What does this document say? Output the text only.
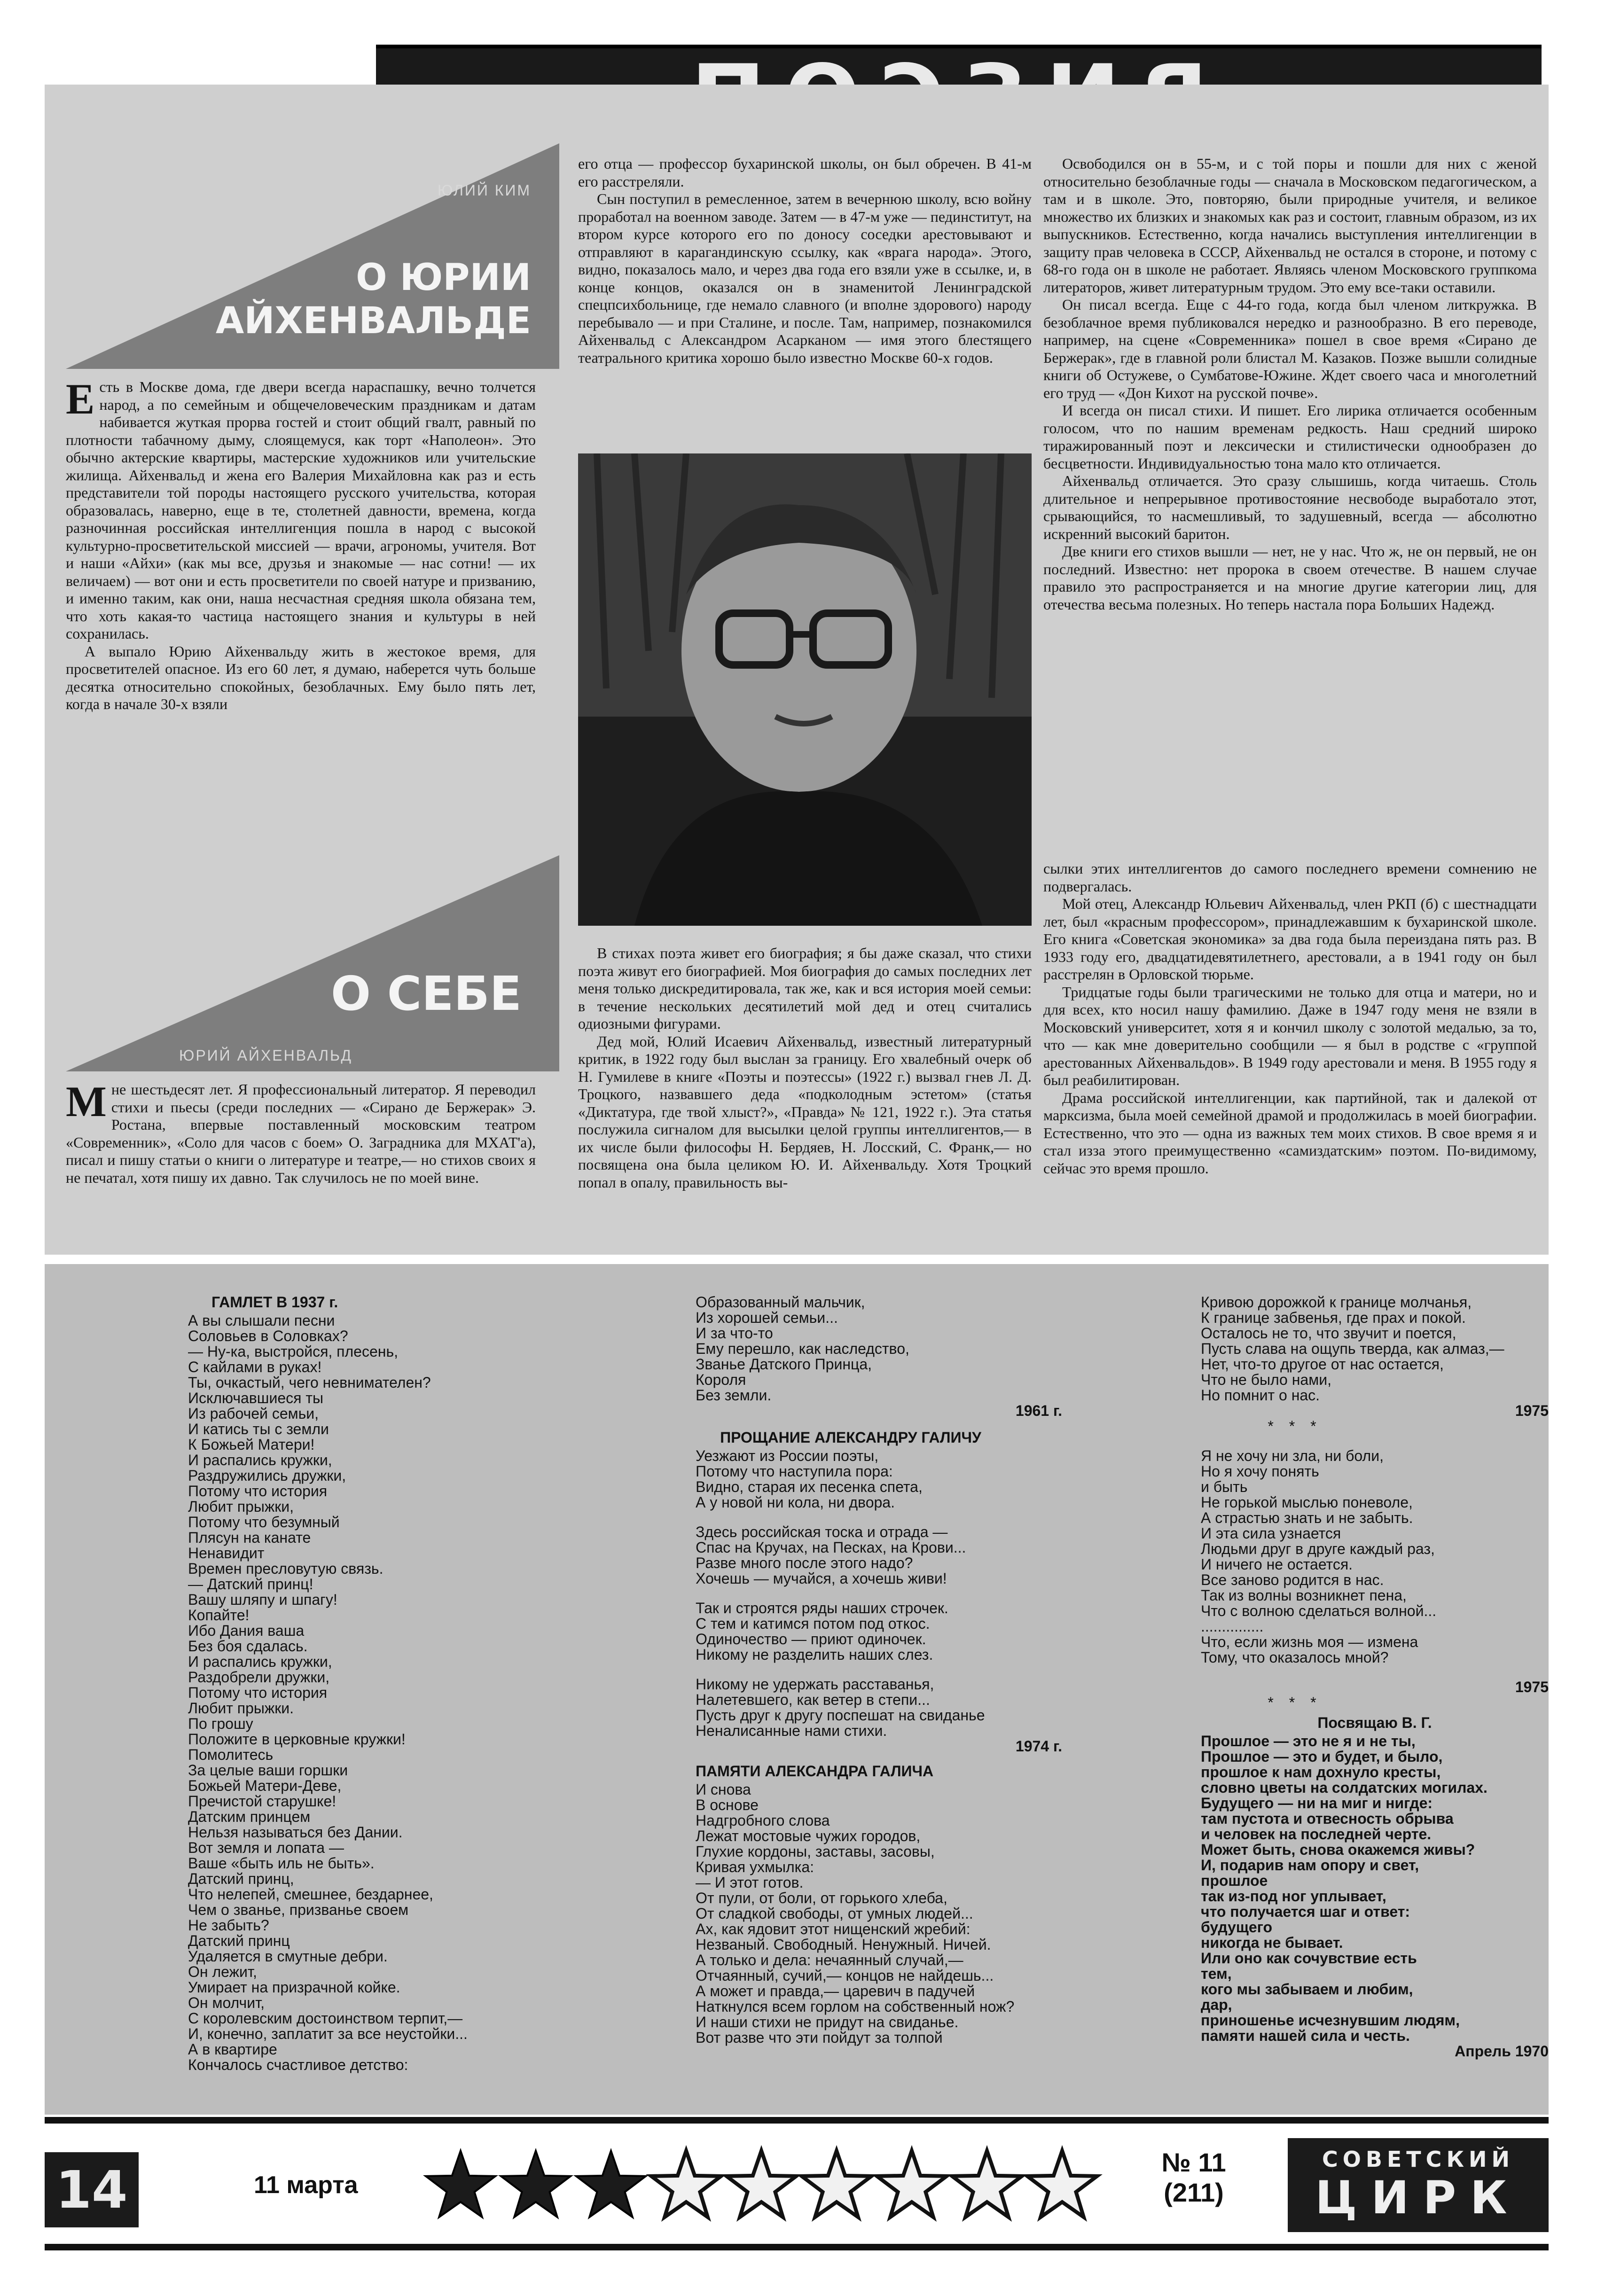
ЮЛИЙ КИМ
О ЮРИИ АЙХЕНВАЛЬДЕ
Е сть в Москве дома, где двери всегда нараспашку, вечно толчется народ, а по семейным и общечеловеческим праздникам и датам набивается жуткая прорва гостей и стоит общий гвалт, равный по плотности табачному дыму, слоящемуся, как торт «Наполеон». Это обычно актерские квартиры, мастерские художников или учительские жилища. Айхенвальд и жена его Валерия Михайловна как раз и есть представители той породы настоящего русского учительства, которая образовалась, наверно, еще в те, столетней давности, времена, когда разночинная российская интеллигенция пошла в народ с высокой культурно-просветительской миссией — врачи, агрономы, учителя. Вот и наши «Айхи» (как мы все, друзья и знакомые — нас сотни! — их величаем) — вот они и есть просветители по своей натуре и призванию, и именно таким, как они, наша несчастная средняя школа обязана тем, что хоть какая-то частица настоящего знания и культуры в ней сохранилась.

А выпало Юрию Айхенвальду жить в жестокое время, для просветителей опасное. Из его 60 лет, я думаю, наберется чуть больше десятка относительно спокойных, безоблачных. Ему было пять лет, когда в начале 30-х взяли

его отца — профессор бухаринской школы, он был обречен. В 41-м его расстреляли.

Сын поступил в ремесленное, затем в вечернюю школу, всю войну проработал на военном заводе. Затем — в 47-м уже — пединститут, на втором курсе которого его по доносу соседки арестовывают и отправляют в карагандинскую ссылку, как «врага народа». Этого, видно, показалось мало, и через два года его взяли уже в ссылке, и, в конце концов, оказался он в знаменитой Ленинградской спецпсихбольнице, где немало славного (и вполне здорового) народу перебывало — и при Сталине, и после. Там, например, познакомился Айхенвальд с Александром Асарканом — имя этого блестящего театрального критика хорошо было известно Москве 60-х годов.

Освободился он в 55-м, и с той поры и пошли для них с женой относительно безоблачные годы — сначала в Московском педагогическом, а там и в школе. Это, повторяю, были природные учителя, и великое множество их близких и знакомых как раз и состоит, главным образом, из их выпускников. Естественно, когда начались выступления интеллигенции в защиту прав человека в СССР, Айхенвальд не остался в стороне, и потому с 68-го года он в школе не работает. Являясь членом Московского группкома литераторов, живет литературным трудом. Это ему все-таки оставили.

Он писал всегда. Еще с 44-го года, когда был членом литкружка. В безоблачное время публиковался нередко и разнообразно. В его переводе, например, на сцене «Современника» пошел в свое время «Сирано де Бержерак», где в главной роли блистал М. Казаков. Позже вышли солидные книги об Остужеве, о Сумбатове-Южине. Ждет своего часа и многолетний его труд — «Дон Кихот на русской почве».

И всегда он писал стихи. И пишет. Его лирика отличается особенным голосом, что по нашим временам редкость. Наш средний широко тиражированный поэт и лексически и стилистически однообразен до бесцветности. Индивидуальностью тона мало кто отличается.

Айхенвальд отличается. Это сразу слышишь, когда читаешь. Столь длительное и непрерывное противостояние несвободе выработало этот, срывающийся, то насмешливый, то задушевный, всегда — абсолютно искренний высокий баритон.

Две книги его стихов вышли — нет, не у нас. Что ж, не он первый, не он последний. Известно: нет пророка в своем отечестве. В нашем случае правило это распространяется и на многие другие категории лиц, для отечества весьма полезных. Но теперь настала пора Больших Надежд.

О СЕБЕ
ЮРИЙ АЙХЕНВАЛЬД
М не шестьдесят лет. Я профессиональный литератор. Я переводил стихи и пьесы (среди последних — «Сирано де Бержерак» Э. Ростана, впервые поставленный московским театром «Современник», «Соло для часов с боем» О. Заградника для МХАТ'а), писал и пишу статьи о книги о литературе и театре,— но стихов своих я не печатал, хотя пишу их давно. Так случилось не по моей вине.

В стихах поэта живет его биография; я бы даже сказал, что стихи поэта живут его биографией. Моя биография до самых последних лет меня только дискредитировала, так же, как и вся история моей семьи: в течение нескольких десятилетий мой дед и отец считались одиозными фигурами.

Дед мой, Юлий Исаевич Айхенвальд, известный литературный критик, в 1922 году был выслан за границу. Его хвалебный очерк об Н. Гумилеве в книге «Поэты и поэтессы» (1922 г.) вызвал гнев Л. Д. Троцкого, назвавшего деда «подколодным эстетом» (статья «Диктатура, где твой хлыст?», «Правда» № 121, 1922 г.). Эта статья послужила сигналом для высылки целой группы интеллигентов,— в их числе были философы Н. Бердяев, Н. Лосский, С. Франк,— но посвящена она была целиком Ю. И. Айхенвальду. Хотя Троцкий попал в опалу, правильность вы-

сылки этих интеллигентов до самого последнего времени сомнению не подвергалась.

Мой отец, Александр Юльевич Айхенвальд, член РКП (б) с шестнадцати лет, был «красным профессором», принадлежавшим к бухаринской школе. Его книга «Советская экономика» за два года была переиздана пять раз. В 1933 году его, двадцатидевятилетнего, арестовали, а в 1941 году он был расстрелян в Орловской тюрьме.

Тридцатые годы были трагическими не только для отца и матери, но и для всех, кто носил нашу фамилию. Даже в 1947 году меня не взяли в Московский университет, хотя я и кончил школу с золотой медалью, за то, что — как мне доверительно сообщили — я был в родстве с «группой арестованных Айхенвальдов». В 1949 году арестовали и меня. В 1955 году я был реабилитирован.

Драма российской интеллигенции, как партийной, так и далекой от марксизма, была моей семейной драмой и продолжилась в моей биографии. Естественно, что это — одна из важных тем моих стихов. В свое время я и стал изза этого преимущественно «самиздатским» поэтом. По-видимому, сейчас это время прошло.

ГАМЛЕТ В 1937 г.
А вы слышали песни
Соловьев в Соловках?
— Ну-ка, выстройся, плесень,
С кайлами в руках!
Ты, очкастый, чего невнимателен?
Исключавшиеся ты
Из рабочей семьи,
И катись ты с земли
К Божьей Матери!
И распались кружки,
Раздружились дружки,
Потому что история
Любит прыжки,
Потому что безумный
Плясун на канате
Ненавидит
Времен пресловутую связь.
— Датский принц!
Вашу шляпу и шпагу!
Копайте!
Ибо Дания ваша
Без боя сдалась.
И распались кружки,
Раздобрели дружки,
Потому что история
Любит прыжки.
По грошу
Положите в церковные кружки!
Помолитесь
За целые ваши горшки
Божьей Матери-Деве,
Пречистой старушке!
Датским принцем
Нельзя называться без Дании.
Вот земля и лопата —
Ваше «быть иль не быть».
Датский принц,
Что нелепей, смешнее, бездарнее,
Чем о званье, призванье своем
Не забыть?
Датский принц
Удаляется в смутные дебри.
Он лежит,
Умирает на призрачной койке.
Он молчит,
С королевским достоинством терпит,—
И, конечно, заплатит за все неустойки...
А в квартире
Кончалось счастливое детство:
Образованный мальчик,
Из хорошей семьи...
И за что-то
Ему перешло, как наследство,
Званье Датского Принца,
Короля
Без земли.
1961 г.
ПРОЩАНИЕ АЛЕКСАНДРУ ГАЛИЧУ
Уезжают из России поэты,
Потому что наступила пора:
Видно, старая их песенка спета,
А у новой ни кола, ни двора.
Здесь российская тоска и отрада —
Спас на Кручах, на Песках, на Крови...
Разве много после этого надо?
Хочешь — мучайся, а хочешь живи!
Так и строятся ряды наших строчек.
С тем и катимся потом под откос.
Одиночество — приют одиночек.
Никому не разделить наших слез.
Никому не удержать расставанья,
Налетевшего, как ветер в степи...
Пусть друг к другу поспешат на свиданье
Неналисанные нами стихи.
1974 г.
ПАМЯТИ АЛЕКСАНДРА ГАЛИЧА
И снова
В основе
Надгробного слова
Лежат мостовые чужих городов,
Глухие кордоны, заставы, засовы,
Кривая ухмылка:
— И этот готов.
От пули, от боли, от горького хлеба,
От сладкой свободы, от умных людей...
Ах, как ядовит этот нищенский жребий:
Незваный. Свободный. Ненужный. Ничей.
А только и дела: нечаянный случай,—
Отчаянный, сучий,— концов не найдешь...
А может и правда,— царевич в падучей
Наткнулся всем горлом на собственный нож?
И наши стихи не придут на свиданье.
Вот разве что эти пойдут за толпой
Кривою дорожкой к границе молчанья,
К границе забвенья, где прах и покой.
Осталось не то, что звучит и поется,
Пусть слава на ощупь тверда, как алмаз,—
Нет, что-то другое от нас остается,
Что не было нами,
Но помнит о нас.
1975
* * *
Я не хочу ни зла, ни боли,
Но я хочу понять
и быть
Не горькой мыслью поневоле,
А страстью знать и не забыть.
И эта сила узнается
Людьми друг в друге каждый раз,
И ничего не остается.
Все заново родится в нас.
Так из волны возникнет пена,
Что с волною сделаться волной...
...............
Что, если жизнь моя — измена
Тому, что оказалось мной?
1975
* * *
Посвящаю В. Г.
Прошлое — это не я и не ты,
Прошлое — это и будет, и было,
прошлое к нам дохнуло кресты,
словно цветы на солдатских могилах.
Будущего — ни на миг и нигде:
там пустота и отвесность обрыва
и человек на последней черте.
Может быть, снова окажемся живы?
И, подарив нам опору и свет,
прошлое
так из-под ног уплывает,
что получается шаг и ответ:
будущего
никогда не бывает.
Или оно как сочувствие есть
тем,
кого мы забываем и любим,
дар,
приношенье исчезнувшим людям,
памяти нашей сила и честь.
Апрель 1970
14	11 марта
№ 11
(211)
СОВЕТСКИЙ
ЦИРК
